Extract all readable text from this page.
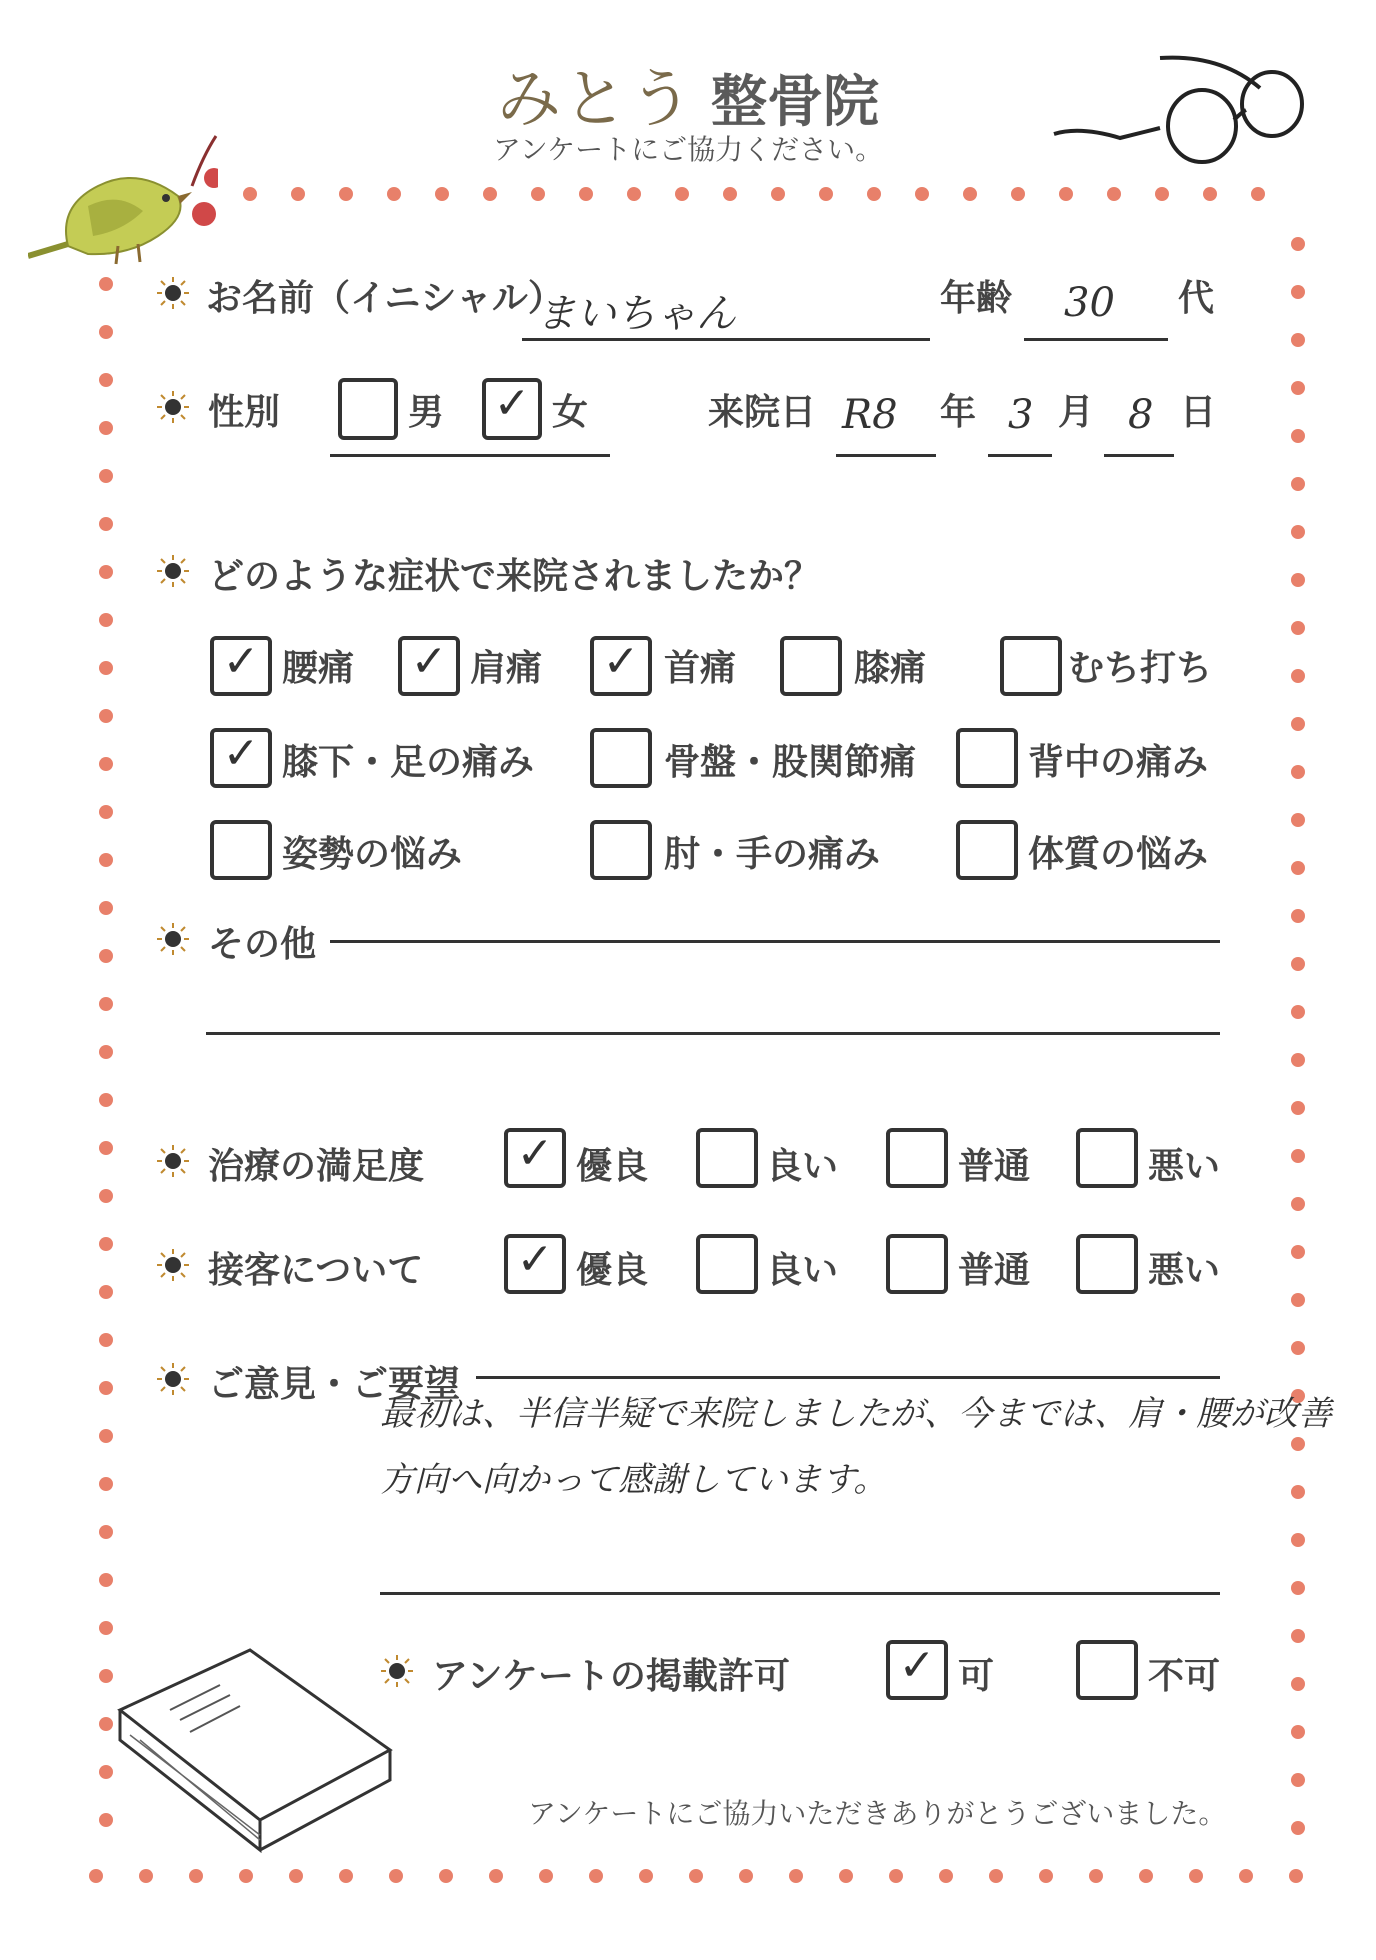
みとう 整骨院
アンケートにご協力ください。
お名前（イニシャル）
まいちゃん	年齢 30 代
性別	男 ✓ 女	来院日 R8 年 3 月 8 日
どのような症状で来院されましたか？
✓ 腰痛 ✓ 肩痛 ✓ 首痛	膝痛	むち打ち
✓ 膝下・足の痛み	骨盤・股関節痛	背中の痛み
姿勢の悩み	肘・手の痛み	体質の悩み
その他
治療の満足度 ✓ 優良	良い	普通	悪い
接客について ✓ 優良	良い	普通	悪い
ご意見・ご要望
最初は、半信半疑で来院しましたが、今までは、肩・腰が改善
方向へ向かって感謝しています。
アンケートの掲載許可 ✓ 可	不可
アンケートにご協力いただきありがとうございました。
